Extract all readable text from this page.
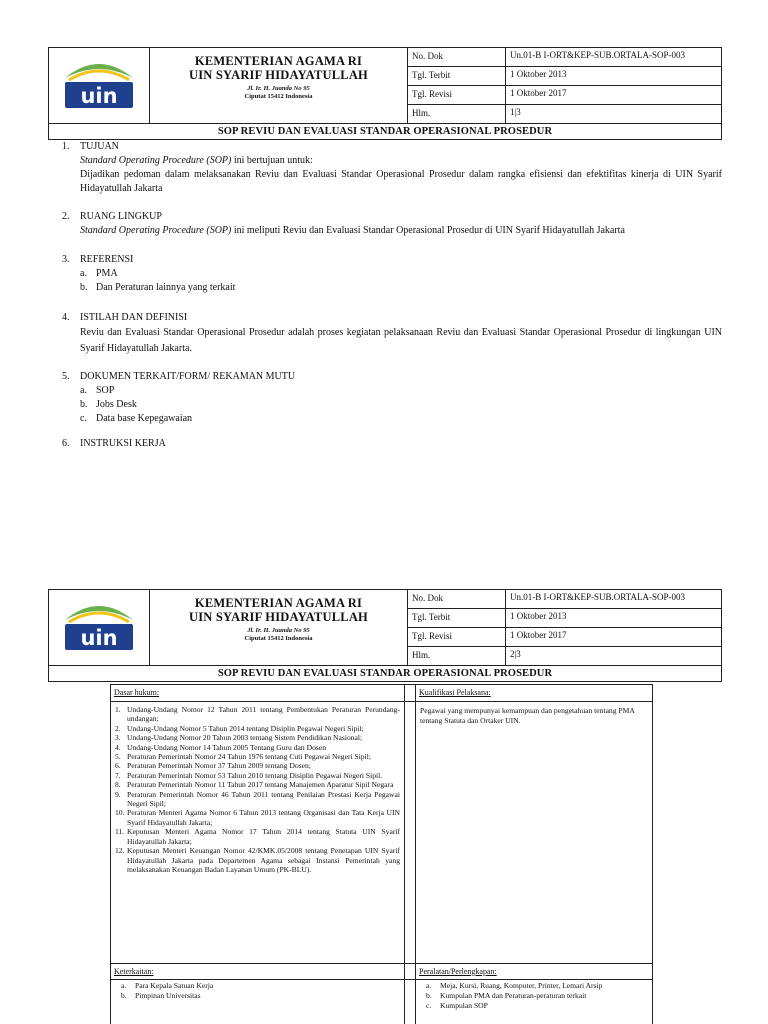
uin
KEMENTERIAN AGAMA RI
UIN SYARIF HIDAYATULLAH
Jl. Ir. H. Juanda No 95
Ciputat 15412 Indonesia
No. Dok	Un.01-B I-ORT&KEP-SUB.ORTALA-SOP-003
Tgl. Terbit	1 Oktober 2013
Tgl. Revisi	1 Oktober 2017
Hlm.	1|3
SOP REVIU DAN EVALUASI STANDAR OPERASIONAL PROSEDUR
1.	TUJUAN
Standard Operating Procedure (SOP) ini bertujuan untuk:
Dijadikan pedoman dalam melaksanakan Reviu dan Evaluasi Standar Operasional Prosedur dalam rangka efisiensi dan efektifitas kinerja di UIN Syarif Hidayatullah Jakarta
2.	RUANG LINGKUP
Standard Operating Procedure (SOP) ini meliputi Reviu dan Evaluasi Standar Operasional Prosedur di UIN Syarif Hidayatullah Jakarta
3.	REFERENSI
a. PMA
b. Dan Peraturan lainnya yang terkait
4.	ISTILAH DAN DEFINISI
Reviu dan Evaluasi Standar Operasional Prosedur adalah proses kegiatan pelaksanaan Reviu dan Evaluasi Standar Operasional Prosedur di lingkungan UIN Syarif Hidayatullah Jakarta.
5.	DOKUMEN TERKAIT/FORM/ REKAMAN MUTU
a. SOP
b. Jobs Desk
c. Data base Kepegawaian
6.	INSTRUKSI KERJA
uin
KEMENTERIAN AGAMA RI
UIN SYARIF HIDAYATULLAH
Jl. Ir. H. Juanda No 95
Ciputat 15412 Indonesia
No. Dok	Un.01-B I-ORT&KEP-SUB.ORTALA-SOP-003
Tgl. Terbit	1 Oktober 2013
Tgl. Revisi	1 Oktober 2017
Hlm.	2|3
SOP REVIU DAN EVALUASI STANDAR OPERASIONAL PROSEDUR
Dasar hukum:
1. Undang-Undang Nomor 12 Tahun 2011 tentang Pembentukan Peraturan Perundang-undangan;
2. Undang-Undang Nomor 5 Tahun 2014 tentang Disiplin Pegawai Negeri Sipil;
3. Undang-Undang Nomor 20 Tahun 2003 tentang Sistem Pendidikan Nasional;
4. Undang-Undang Nomor 14 Tahun 2005 Tentang Guru dan Dosen
5. Peraturan Pemerintah Nomor 24 Tahun 1976 tentang Cuti Pegawai Negeri Sipil;
6. Peraturan Pemerintah Nomor 37 Tahun 2009 tentang Dosen;
7. Peraturan Pemerintah Nomor 53 Tahun 2010 tentang Disiplin Pegawai Negeri Sipil.
8. Peraturan Pemerintah Nomor 11 Tahun 2017 tentang Manajemen Aparatur Sipil Negara
9. Peraturan Pemerintah Nomor 46 Tahun 2011 tentang Penilaian Prestasi Kerja Pegawai Negeri Sipil;
10. Peraturan Menteri Agama Nomor 6 Tahun 2013 tentang Organisasi dan Tata Kerja UIN Syarif Hidayatullah Jakarta;
11. Keputusan Menteri Agama Nomor 17 Tahun 2014 tentang Statuta UIN Syarif Hidayatullah Jakarta;
12. Keputusan Menteri Keuangan Nomor 42/KMK.05/2008 tentang Penetapan UIN Syarif Hidayatullah Jakarta pada Departemen Agama sebagai Instansi Pemerintah yang melaksanakan Keuangan Badan Layanan Umum (PK-BLU).
Keterkaitan:
a.	Para Kepala Satuan Kerja
b.	Pimpinan Universitas
Kualifikasi Pelaksana:
Pegawai yang mempunyai kemampuan dan pengetahuan tentang PMA tentang Statuta dan Ortaker UIN.
Peralatan/Perlengkapan:
a.	Meja, Kursi, Ruang, Komputer, Printer, Lemari Arsip
b.	Kumpulan PMA dan Peraturan-peraturan terkait
c.	Kumpulan SOP
